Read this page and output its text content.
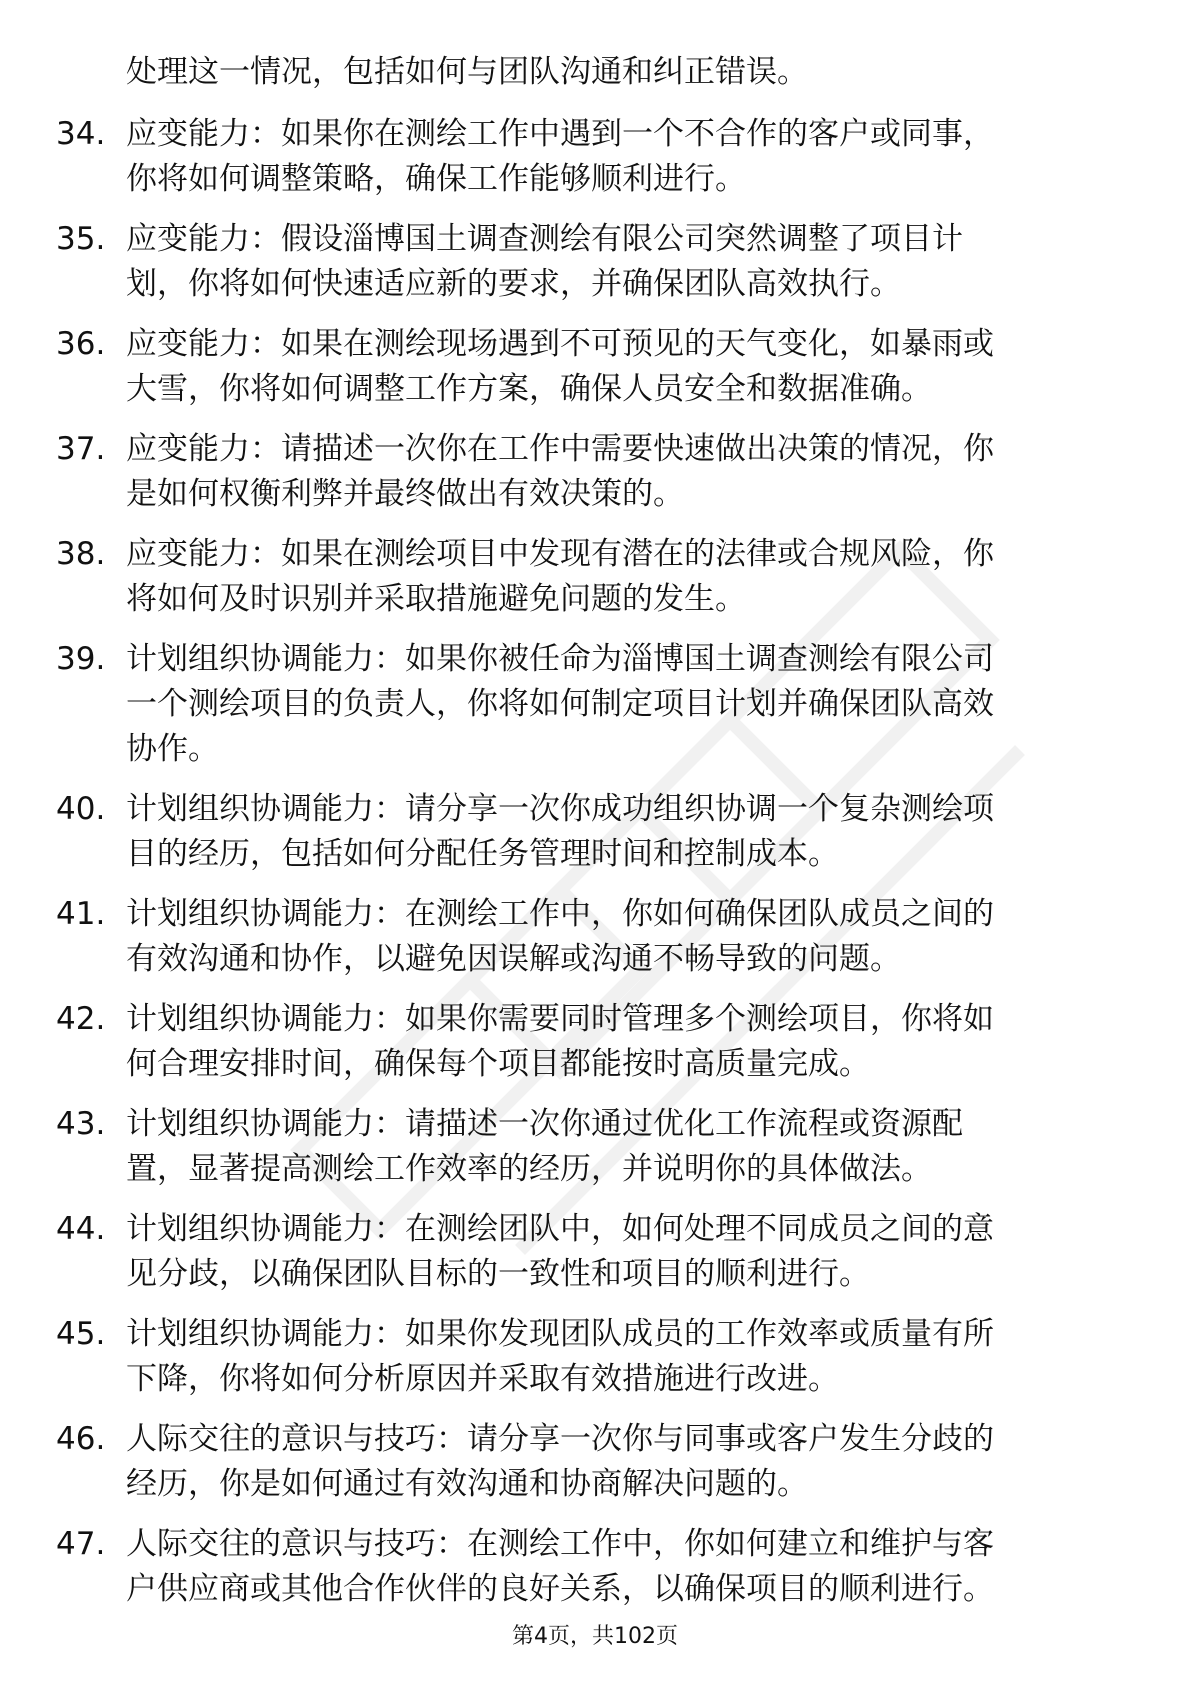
处理这一情况，包括如何与团队沟通和纠正错误。
34. 应变能力：如果你在测绘工作中遇到一个不合作的客户或同事，
你将如何调整策略，确保工作能够顺利进行。
35. 应变能力：假设淄博国土调查测绘有限公司突然调整了项目计
划，你将如何快速适应新的要求，并确保团队高效执行。
36. 应变能力：如果在测绘现场遇到不可预见的天气变化，如暴雨或
大雪，你将如何调整工作方案，确保人员安全和数据准确。
37. 应变能力：请描述一次你在工作中需要快速做出决策的情况，你
是如何权衡利弊并最终做出有效决策的。
38. 应变能力：如果在测绘项目中发现有潜在的法律或合规风险，你
将如何及时识别并采取措施避免问题的发生。
39. 计划组织协调能力：如果你被任命为淄博国土调查测绘有限公司
一个测绘项目的负责人，你将如何制定项目计划并确保团队高效
协作。
40. 计划组织协调能力：请分享一次你成功组织协调一个复杂测绘项
目的经历，包括如何分配任务管理时间和控制成本。
41. 计划组织协调能力：在测绘工作中，你如何确保团队成员之间的
有效沟通和协作，以避免因误解或沟通不畅导致的问题。
42. 计划组织协调能力：如果你需要同时管理多个测绘项目，你将如
何合理安排时间，确保每个项目都能按时高质量完成。
43. 计划组织协调能力：请描述一次你通过优化工作流程或资源配
置，显著提高测绘工作效率的经历，并说明你的具体做法。
44. 计划组织协调能力：在测绘团队中，如何处理不同成员之间的意
见分歧，以确保团队目标的一致性和项目的顺利进行。
45. 计划组织协调能力：如果你发现团队成员的工作效率或质量有所
下降，你将如何分析原因并采取有效措施进行改进。
46. 人际交往的意识与技巧：请分享一次你与同事或客户发生分歧的
经历，你是如何通过有效沟通和协商解决问题的。
47. 人际交往的意识与技巧：在测绘工作中，你如何建立和维护与客
户供应商或其他合作伙伴的良好关系，以确保项目的顺利进行。
第4页，共102页
